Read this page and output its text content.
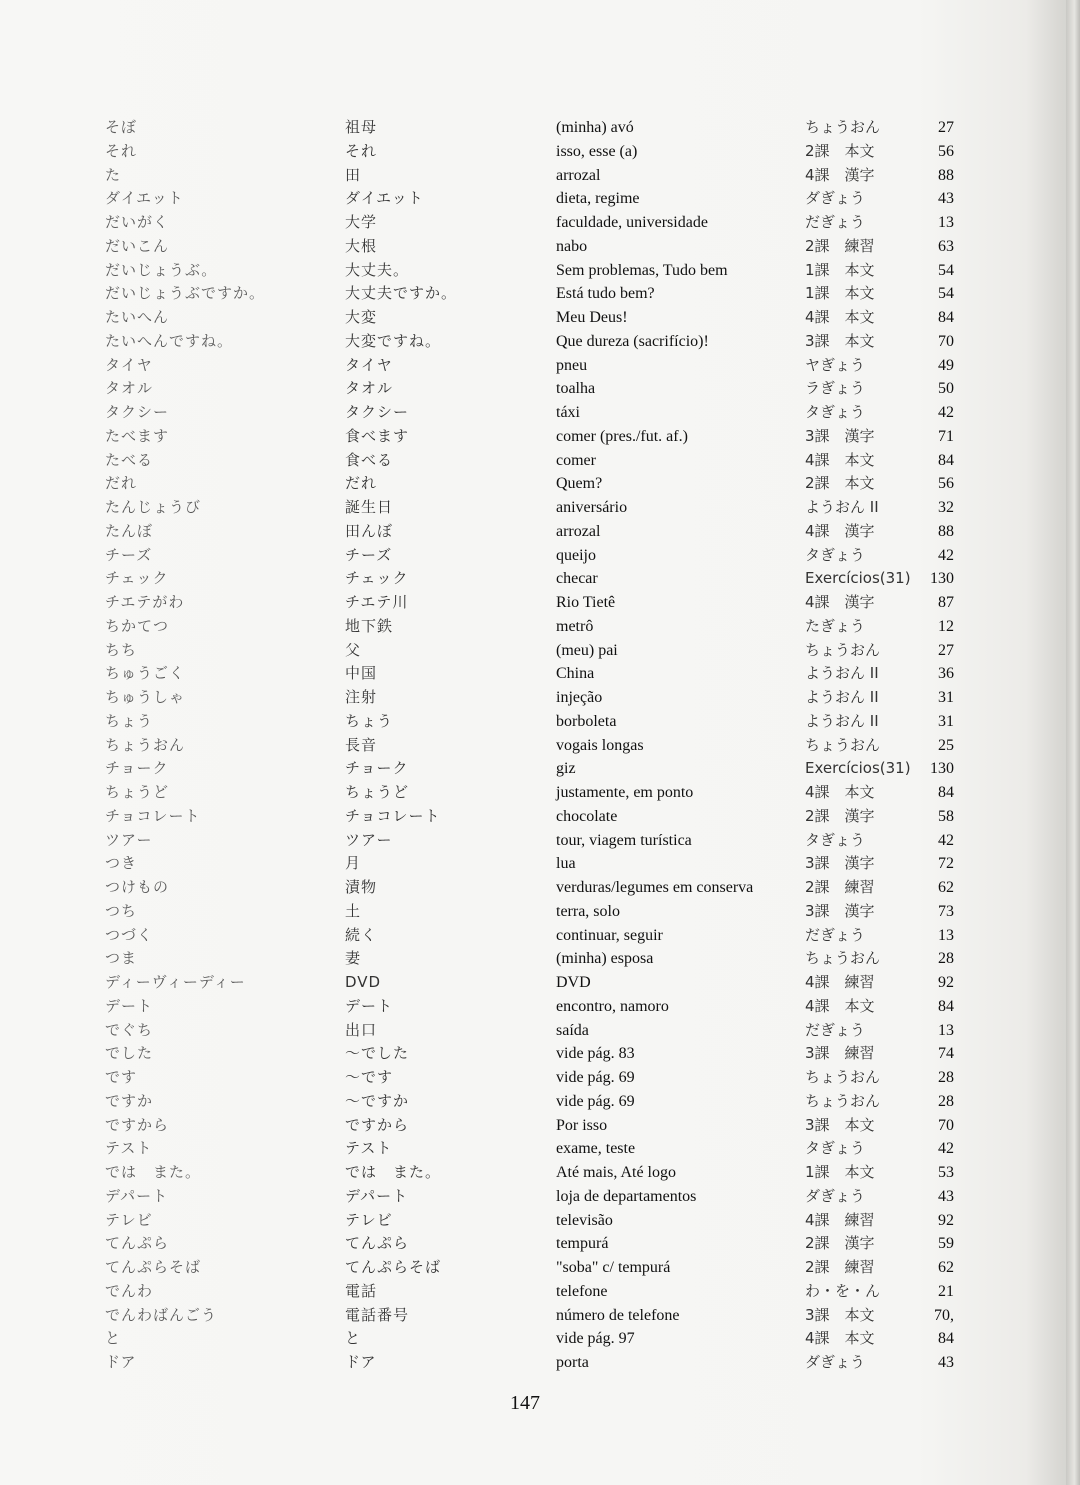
そぼ	祖母	(minha) avó	ちょうおん	27
それ	それ	isso, esse (a)	2課　本文	56
た	田	arrozal	4課　漢字	88
ダイエット	ダイエット	dieta, regime	ダぎょう	43
だいがく	大学	faculdade, universidade	だぎょう	13
だいこん	大根	nabo	2課　練習	63
だいじょうぶ。	大丈夫。	Sem problemas, Tudo bem	1課　本文	54
だいじょうぶですか。	大丈夫ですか。	Está tudo bem?	1課　本文	54
たいへん	大変	Meu Deus!	4課　本文	84
たいへんですね。	大変ですね。	Que dureza (sacrifício)!	3課　本文	70
タイヤ	タイヤ	pneu	ヤぎょう	49
タオル	タオル	toalha	ラぎょう	50
タクシー	タクシー	táxi	タぎょう	42
たべます	食べます	comer (pres./fut. af.)	3課　漢字	71
たべる	食べる	comer	4課　本文	84
だれ	だれ	Quem?	2課　本文	56
たんじょうび	誕生日	aniversário	ようおん II	32
たんぼ	田んぼ	arrozal	4課　漢字	88
チーズ	チーズ	queijo	タぎょう	42
チェック	チェック	checar	Exercícios(31)	130
チエテがわ	チエテ川	Rio Tietê	4課　漢字	87
ちかてつ	地下鉄	metrô	たぎょう	12
ちち	父	(meu) pai	ちょうおん	27
ちゅうごく	中国	China	ようおん II	36
ちゅうしゃ	注射	injeção	ようおん II	31
ちょう	ちょう	borboleta	ようおん II	31
ちょうおん	長音	vogais longas	ちょうおん	25
チョーク	チョーク	giz	Exercícios(31)	130
ちょうど	ちょうど	justamente, em ponto	4課　本文	84
チョコレート	チョコレート	chocolate	2課　漢字	58
ツアー	ツアー	tour, viagem turística	タぎょう	42
つき	月	lua	3課　漢字	72
つけもの	漬物	verduras/legumes em conserva	2課　練習	62
つち	土	terra, solo	3課　漢字	73
つづく	続く	continuar, seguir	だぎょう	13
つま	妻	(minha) esposa	ちょうおん	28
ディーヴィーディー	DVD	DVD	4課　練習	92
デート	デート	encontro, namoro	4課　本文	84
でぐち	出口	saída	だぎょう	13
でした	～でした	vide pág. 83	3課　練習	74
です	～です	vide pág. 69	ちょうおん	28
ですか	～ですか	vide pág. 69	ちょうおん	28
ですから	ですから	Por isso	3課　本文	70
テスト	テスト	exame, teste	タぎょう	42
では　また。	では　また。	Até mais, Até logo	1課　本文	53
デパート	デパート	loja de departamentos	ダぎょう	43
テレビ	テレビ	televisão	4課　練習	92
てんぷら	てんぷら	tempurá	2課　漢字	59
てんぷらそば	てんぷらそば	"soba" c/ tempurá	2課　練習	62
でんわ	電話	telefone	わ・を・ん	21
でんわばんごう	電話番号	número de telefone	3課　本文	70,
と	と	vide pág. 97	4課　本文	84
ドア	ドア	porta	ダぎょう	43
147
